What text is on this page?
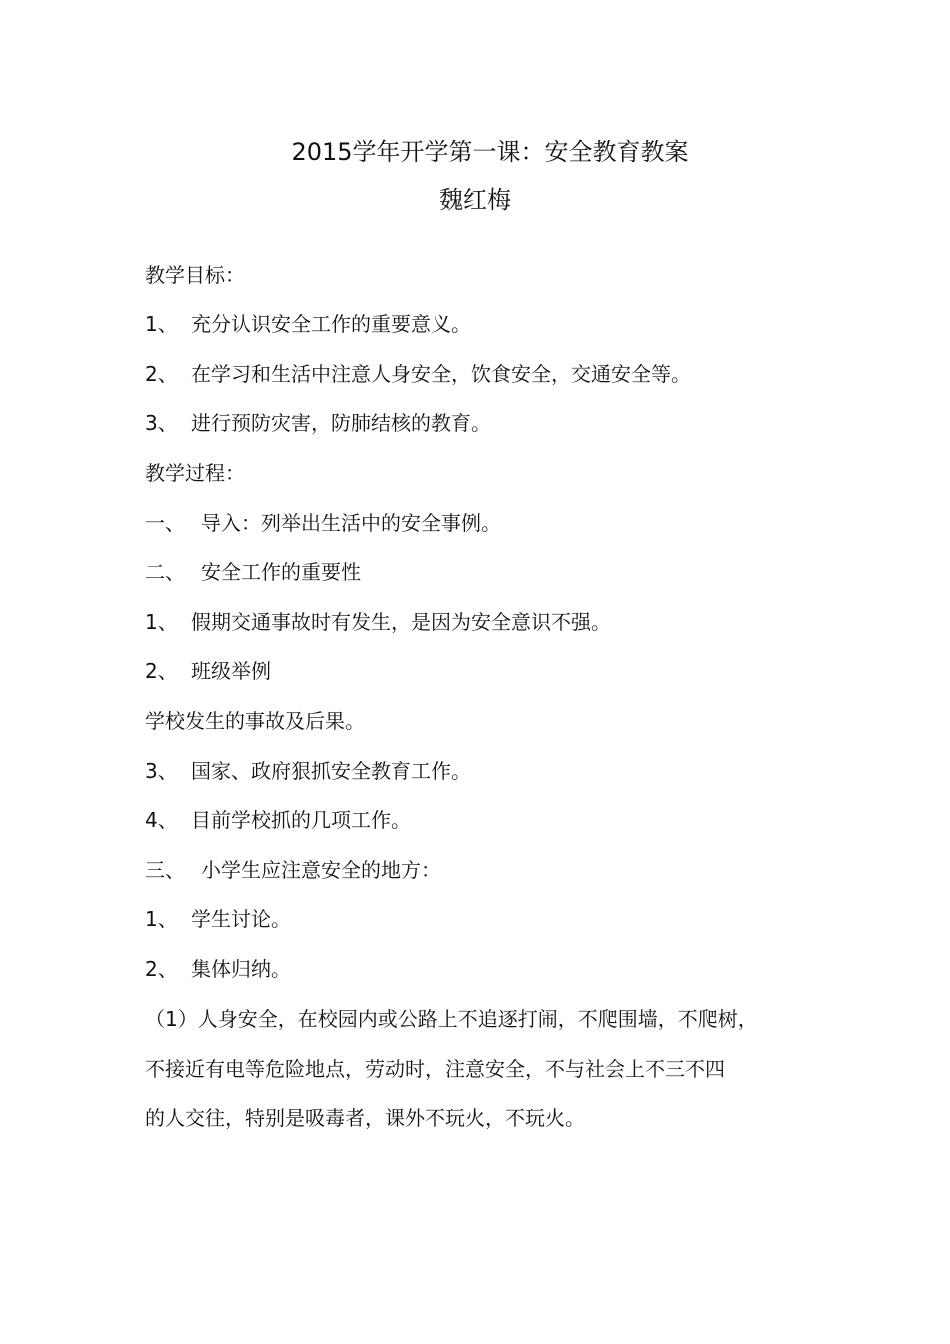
2015学年开学第一课：安全教育教案
魏红梅
教学目标：
1、 充分认识安全工作的重要意义。
2、 在学习和生活中注意人身安全，饮食安全，交通安全等。
3、 进行预防灾害，防肺结核的教育。
教学过程：
一、 导入：列举出生活中的安全事例。
二、 安全工作的重要性
1、 假期交通事故时有发生，是因为安全意识不强。
2、 班级举例
学校发生的事故及后果。
3、 国家、政府狠抓安全教育工作。
4、 目前学校抓的几项工作。
三、 小学生应注意安全的地方：
1、 学生讨论。
2、 集体归纳。
（1）人身安全，在校园内或公路上不追逐打闹，不爬围墙，不爬树，
不接近有电等危险地点，劳动时，注意安全，不与社会上不三不四
的人交往，特别是吸毒者，课外不玩火，不玩火。
